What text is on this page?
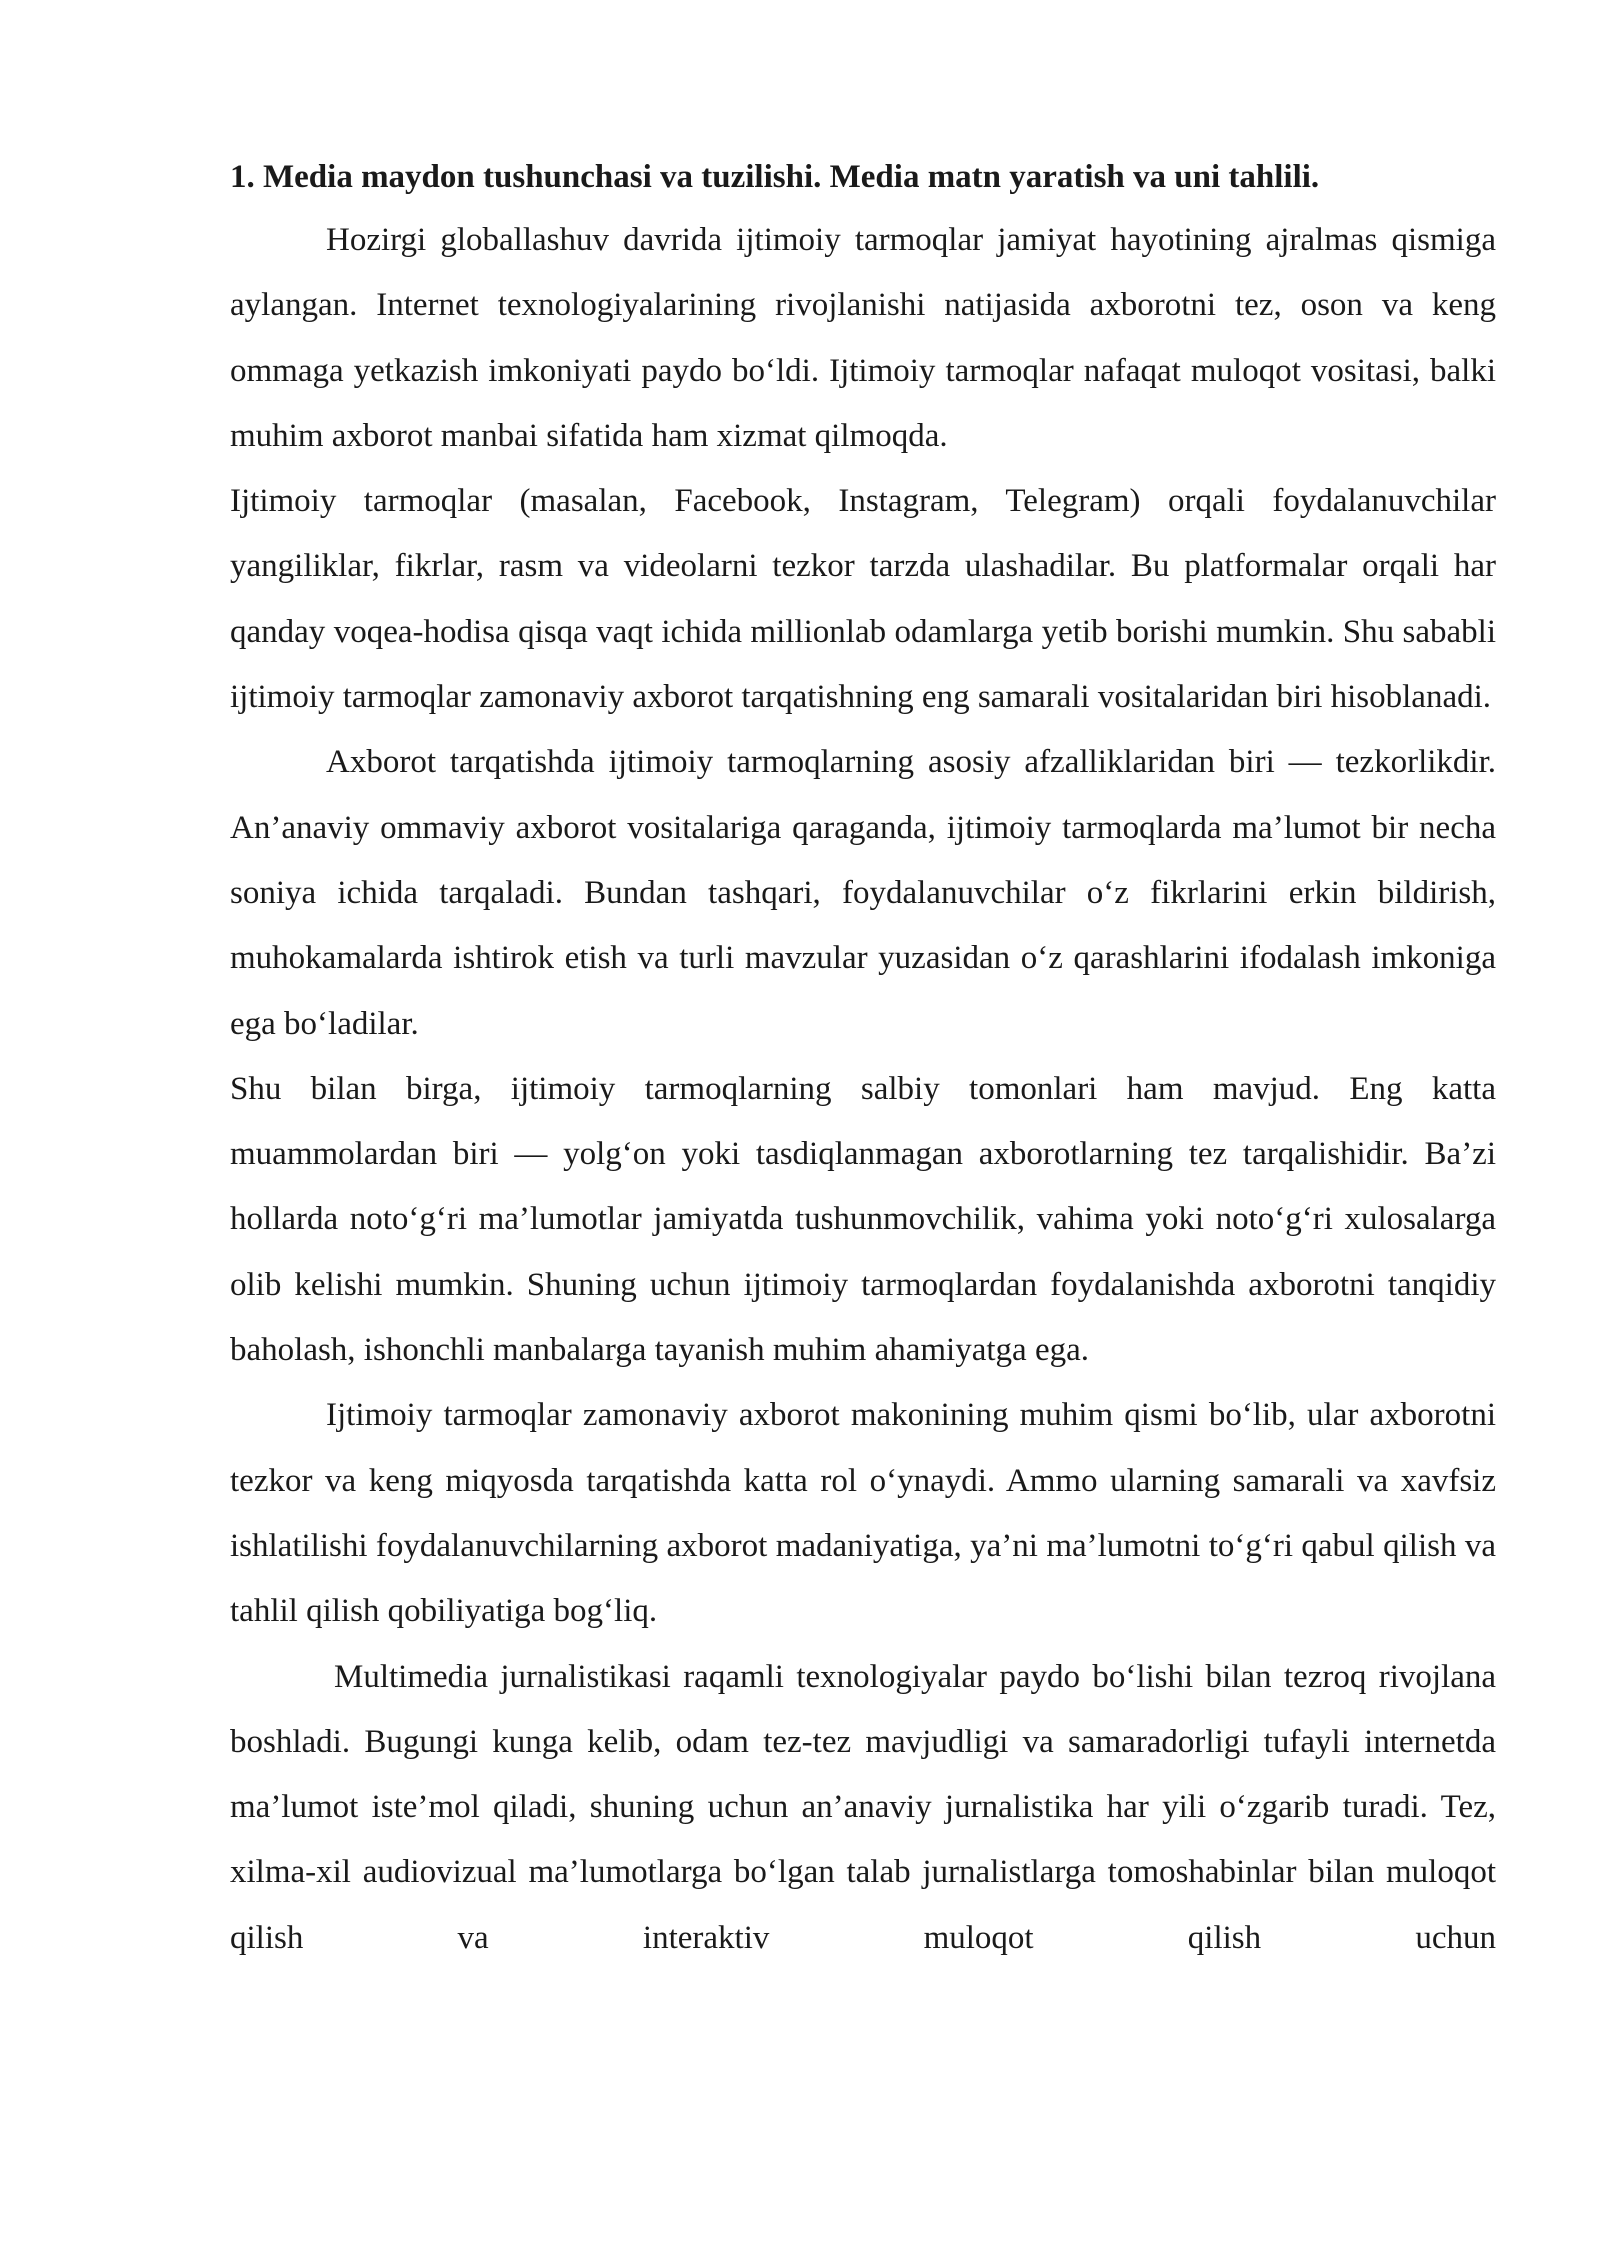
1. Media maydon tushunchasi va tuzilishi. Media matn yaratish va uni tahlili.

Hozirgi globallashuv davrida ijtimoiy tarmoqlar jamiyat hayotining ajralmas qismiga aylangan. Internet texnologiyalarining rivojlanishi natijasida axborotni tez, oson va keng ommaga yetkazish imkoniyati paydo bo‘ldi. Ijtimoiy tarmoqlar nafaqat muloqot vositasi, balki muhim axborot manbai sifatida ham xizmat qilmoqda.

Ijtimoiy tarmoqlar (masalan, Facebook, Instagram, Telegram) orqali foydalanuvchilar yangiliklar, fikrlar, rasm va videolarni tezkor tarzda ulashadilar. Bu platformalar orqali har qanday voqea-hodisa qisqa vaqt ichida millionlab odamlarga yetib borishi mumkin. Shu sababli ijtimoiy tarmoqlar zamonaviy axborot tarqatishning eng samarali vositalaridan biri hisoblanadi.

Axborot tarqatishda ijtimoiy tarmoqlarning asosiy afzalliklaridan biri — tezkorlikdir. An’anaviy ommaviy axborot vositalariga qaraganda, ijtimoiy tarmoqlarda ma’lumot bir necha soniya ichida tarqaladi. Bundan tashqari, foydalanuvchilar o‘z fikrlarini erkin bildirish, muhokamalarda ishtirok etish va turli mavzular yuzasidan o‘z qarashlarini ifodalash imkoniga ega bo‘ladilar.

Shu bilan birga, ijtimoiy tarmoqlarning salbiy tomonlari ham mavjud. Eng katta muammolardan biri — yolg‘on yoki tasdiqlanmagan axborotlarning tez tarqalishidir. Ba’zi hollarda noto‘g‘ri ma’lumotlar jamiyatda tushunmovchilik, vahima yoki noto‘g‘ri xulosalarga olib kelishi mumkin. Shuning uchun ijtimoiy tarmoqlardan foydalanishda axborotni tanqidiy baholash, ishonchli manbalarga tayanish muhim ahamiyatga ega.

Ijtimoiy tarmoqlar zamonaviy axborot makonining muhim qismi bo‘lib, ular axborotni tezkor va keng miqyosda tarqatishda katta rol o‘ynaydi. Ammo ularning samarali va xavfsiz ishlatilishi foydalanuvchilarning axborot madaniyatiga, ya’ni ma’lumotni to‘g‘ri qabul qilish va tahlil qilish qobiliyatiga bog‘liq.

Multimedia jurnalistikasi raqamli texnologiyalar paydo bo‘lishi bilan tezroq rivojlana boshladi. Bugungi kunga kelib, odam tez-tez mavjudligi va samaradorligi tufayli internetda ma’lumot iste’mol qiladi, shuning uchun an’anaviy jurnalistika har yili o‘zgarib turadi. Tez, xilma-xil audiovizual ma’lumotlarga bo‘lgan talab jurnalistlarga tomoshabinlar bilan muloqot qilish va interaktiv muloqot qilish uchun
